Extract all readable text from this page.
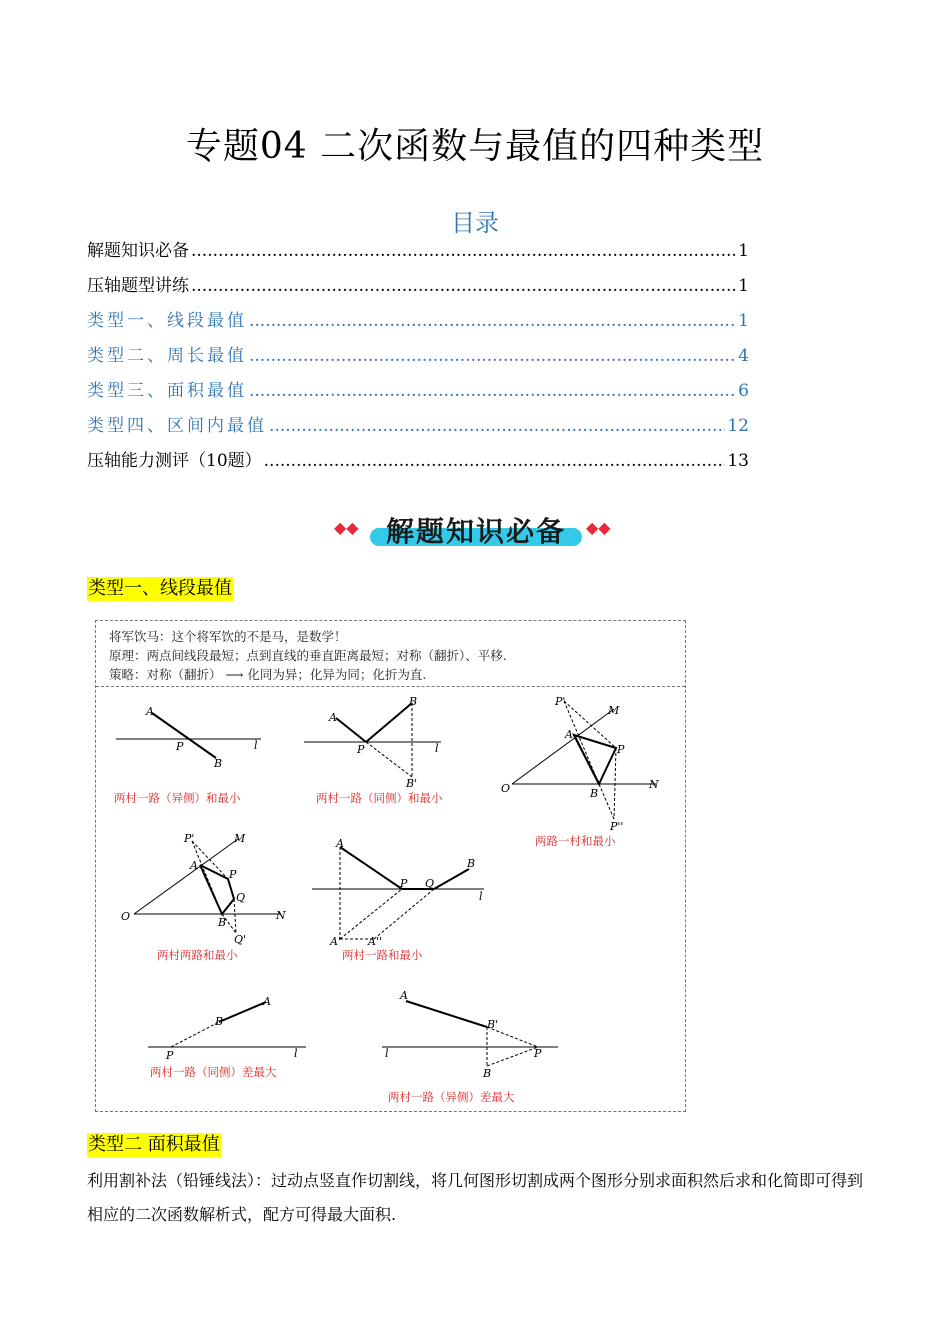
专题04 二次函数与最值的四种类型
目录
解题知识必备 .....	1
压轴题型讲练 .....	1
类型一、线段最值 .....	1
类型二、周长最值 .....	4
类型三、面积最值 .....	6
类型四、区间内最值 .....	12
压轴能力测评（10题） .....	13
◆◆ 解题知识必备	◆◆
类型一、线段最值
将军饮马：这个将军饮的不是马，是数学！
原理：两点间线段最短；点到直线的垂直距离最短；对称（翻折）、平移.
策略：对称（翻折） ⟶ 化同为异；化异为同；化折为直.
A
P
B
l
A
P
B
l
B'
P'
M
A
P
O	B
N
P''
P'	M
A
P
Q
O	B
N
Q'
A
P Q
B
l
A' A''
A
B
P	l
A
B'
l	P
B
两村一路（异侧）和最小	两村一路（同侧）和最小
两路一村和最小
两村两路和最小	两村一路和最小
两村一路（同侧）差最大
两村一路（异侧）差最大
类型二 面积最值
利用割补法（铅锤线法）：过动点竖直作切割线，将几何图形切割成两个图形分别求面积然后求和化简即可得到相应的二次函数解析式，配方可得最大面积.
